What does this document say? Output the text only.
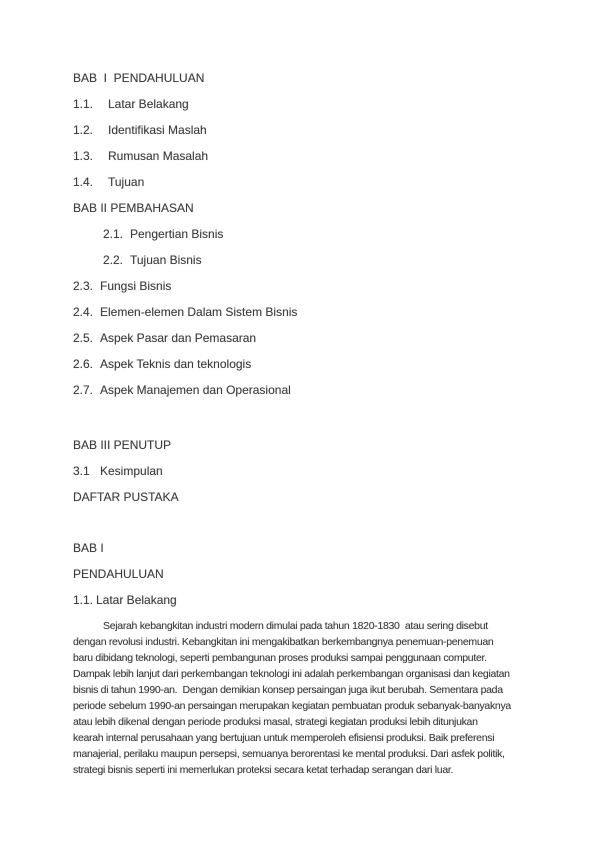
BAB  I  PENDAHULUAN
1.1.	Latar Belakang
1.2.	Identifikasi Maslah
1.3.	Rumusan Masalah
1.4.	Tujuan
BAB II PEMBAHASAN
2.1. Pengertian Bisnis
2.2. Tujuan Bisnis
2.3. Fungsi Bisnis
2.4. Elemen-elemen Dalam Sistem Bisnis
2.5. Aspek Pasar dan Pemasaran
2.6. Aspek Teknis dan teknologis
2.7. Aspek Manajemen dan Operasional
BAB III PENUTUP
3.1 Kesimpulan
DAFTAR PUSTAKA
BAB I
PENDAHULUAN
1.1. Latar Belakang
Sejarah kebangkitan industri modern dimulai pada tahun 1820-1830  atau sering disebut
dengan revolusi industri. Kebangkitan ini mengakibatkan berkembangnya penemuan-penemuan
baru dibidang teknologi, seperti pembangunan proses produksi sampai penggunaan computer.
Dampak lebih lanjut dari perkembangan teknologi ini adalah perkembangan organisasi dan kegiatan
bisnis di tahun 1990-an.  Dengan demikian konsep persaingan juga ikut berubah. Sementara pada
periode sebelum 1990-an persaingan merupakan kegiatan pembuatan produk sebanyak-banyaknya
atau lebih dikenal dengan periode produksi masal, strategi kegiatan produksi lebih ditunjukan
kearah internal perusahaan yang bertujuan untuk memperoleh efisiensi produksi. Baik preferensi
manajerial, perilaku maupun persepsi, semuanya berorentasi ke mental produksi. Dari asfek politik,
strategi bisnis seperti ini memerlukan proteksi secara ketat terhadap serangan dari luar.
